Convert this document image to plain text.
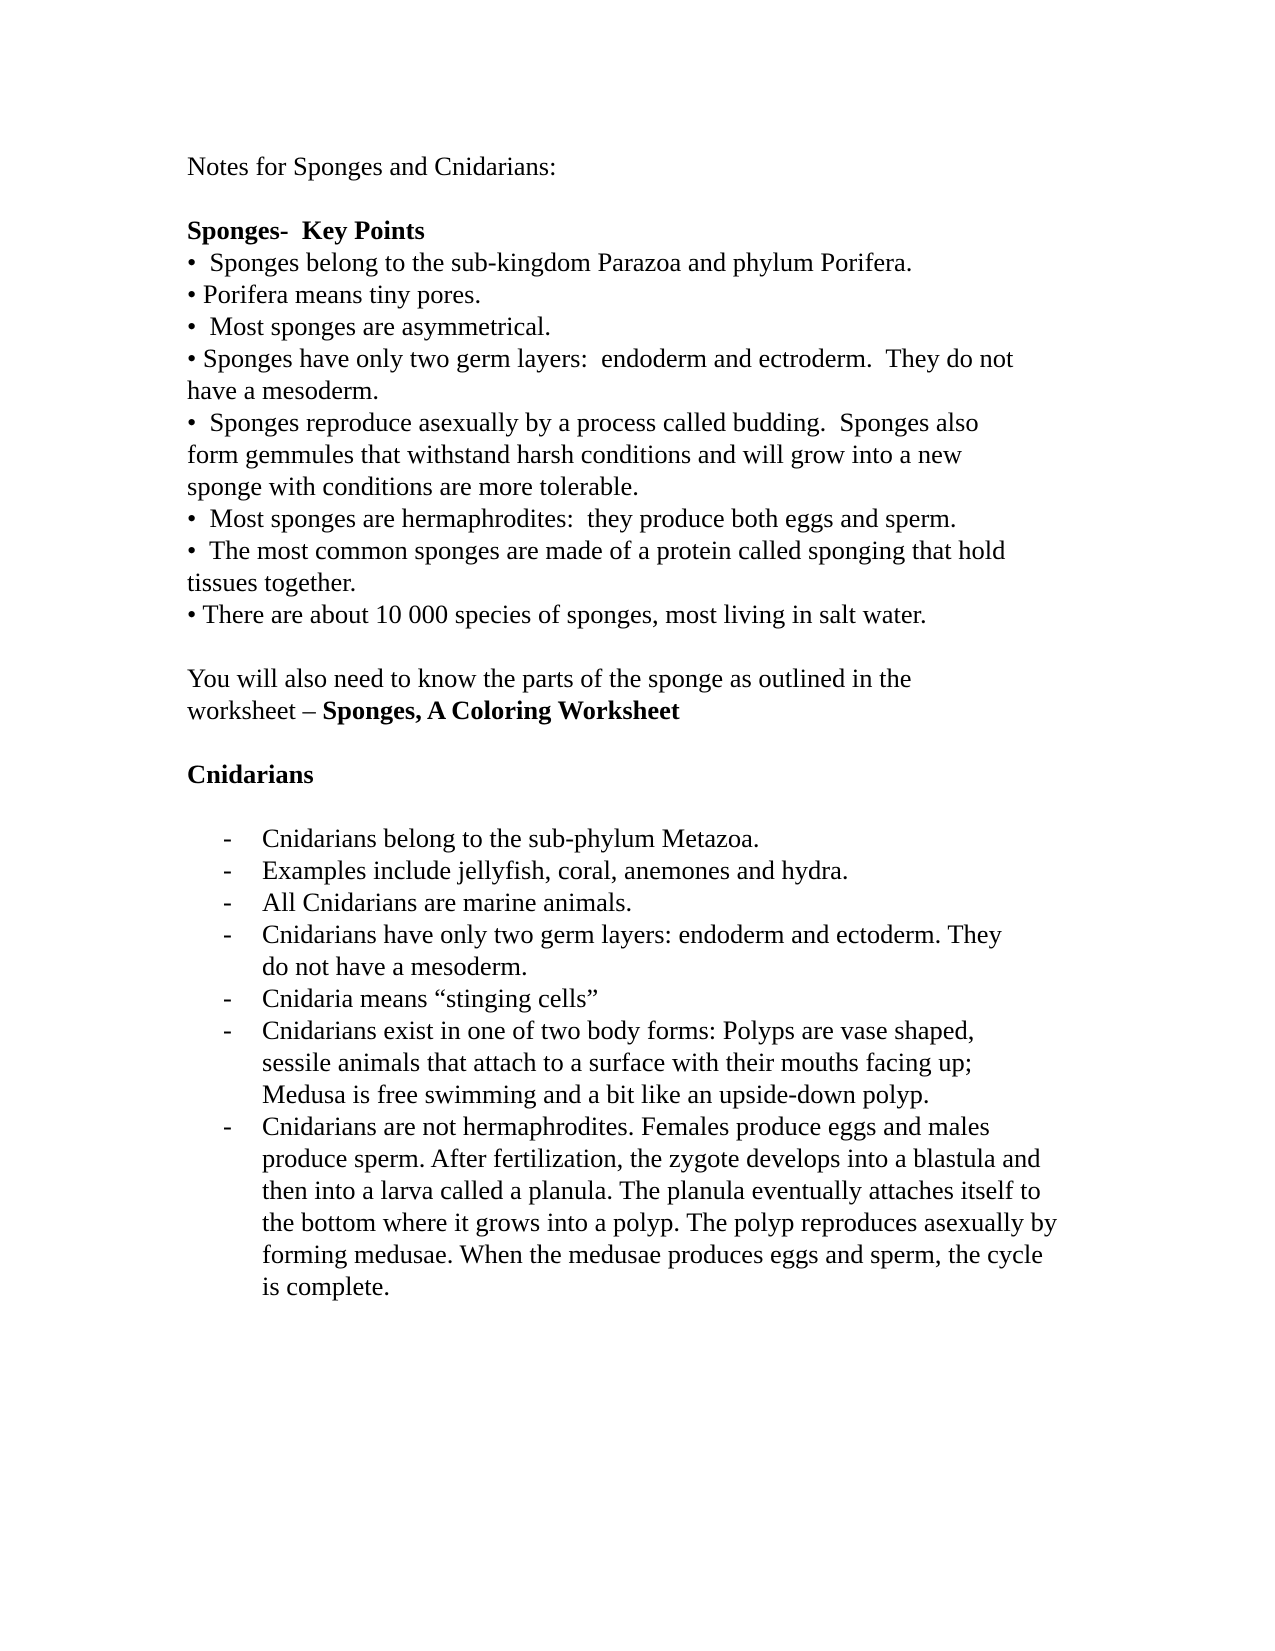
Notes for Sponges and Cnidarians:

Sponges-  Key Points

•  Sponges belong to the sub-kingdom Parazoa and phylum Porifera.

• Porifera means tiny pores.

•  Most sponges are asymmetrical.

• Sponges have only two germ layers:  endoderm and ectroderm.  They do not have a mesoderm.

•  Sponges reproduce asexually by a process called budding.  Sponges also form gemmules that withstand harsh conditions and will grow into a new sponge with conditions are more tolerable.

•  Most sponges are hermaphrodites:  they produce both eggs and sperm.

•  The most common sponges are made of a protein called sponging that hold tissues together.

• There are about 10 000 species of sponges, most living in salt water.

You will also need to know the parts of the sponge as outlined in the worksheet – Sponges, A Coloring Worksheet

Cnidarians

- Cnidarians belong to the sub-phylum Metazoa.
- Examples include jellyfish, coral, anemones and hydra.
- All Cnidarians are marine animals.
- Cnidarians have only two germ layers: endoderm and ectoderm. They do not have a mesoderm.
- Cnidaria means “stinging cells”
- Cnidarians exist in one of two body forms: Polyps are vase shaped, sessile animals that attach to a surface with their mouths facing up; Medusa is free swimming and a bit like an upside-down polyp.
- Cnidarians are not hermaphrodites. Females produce eggs and males produce sperm. After fertilization, the zygote develops into a blastula and then into a larva called a planula. The planula eventually attaches itself to the bottom where it grows into a polyp. The polyp reproduces asexually by forming medusae. When the medusae produces eggs and sperm, the cycle is complete.
